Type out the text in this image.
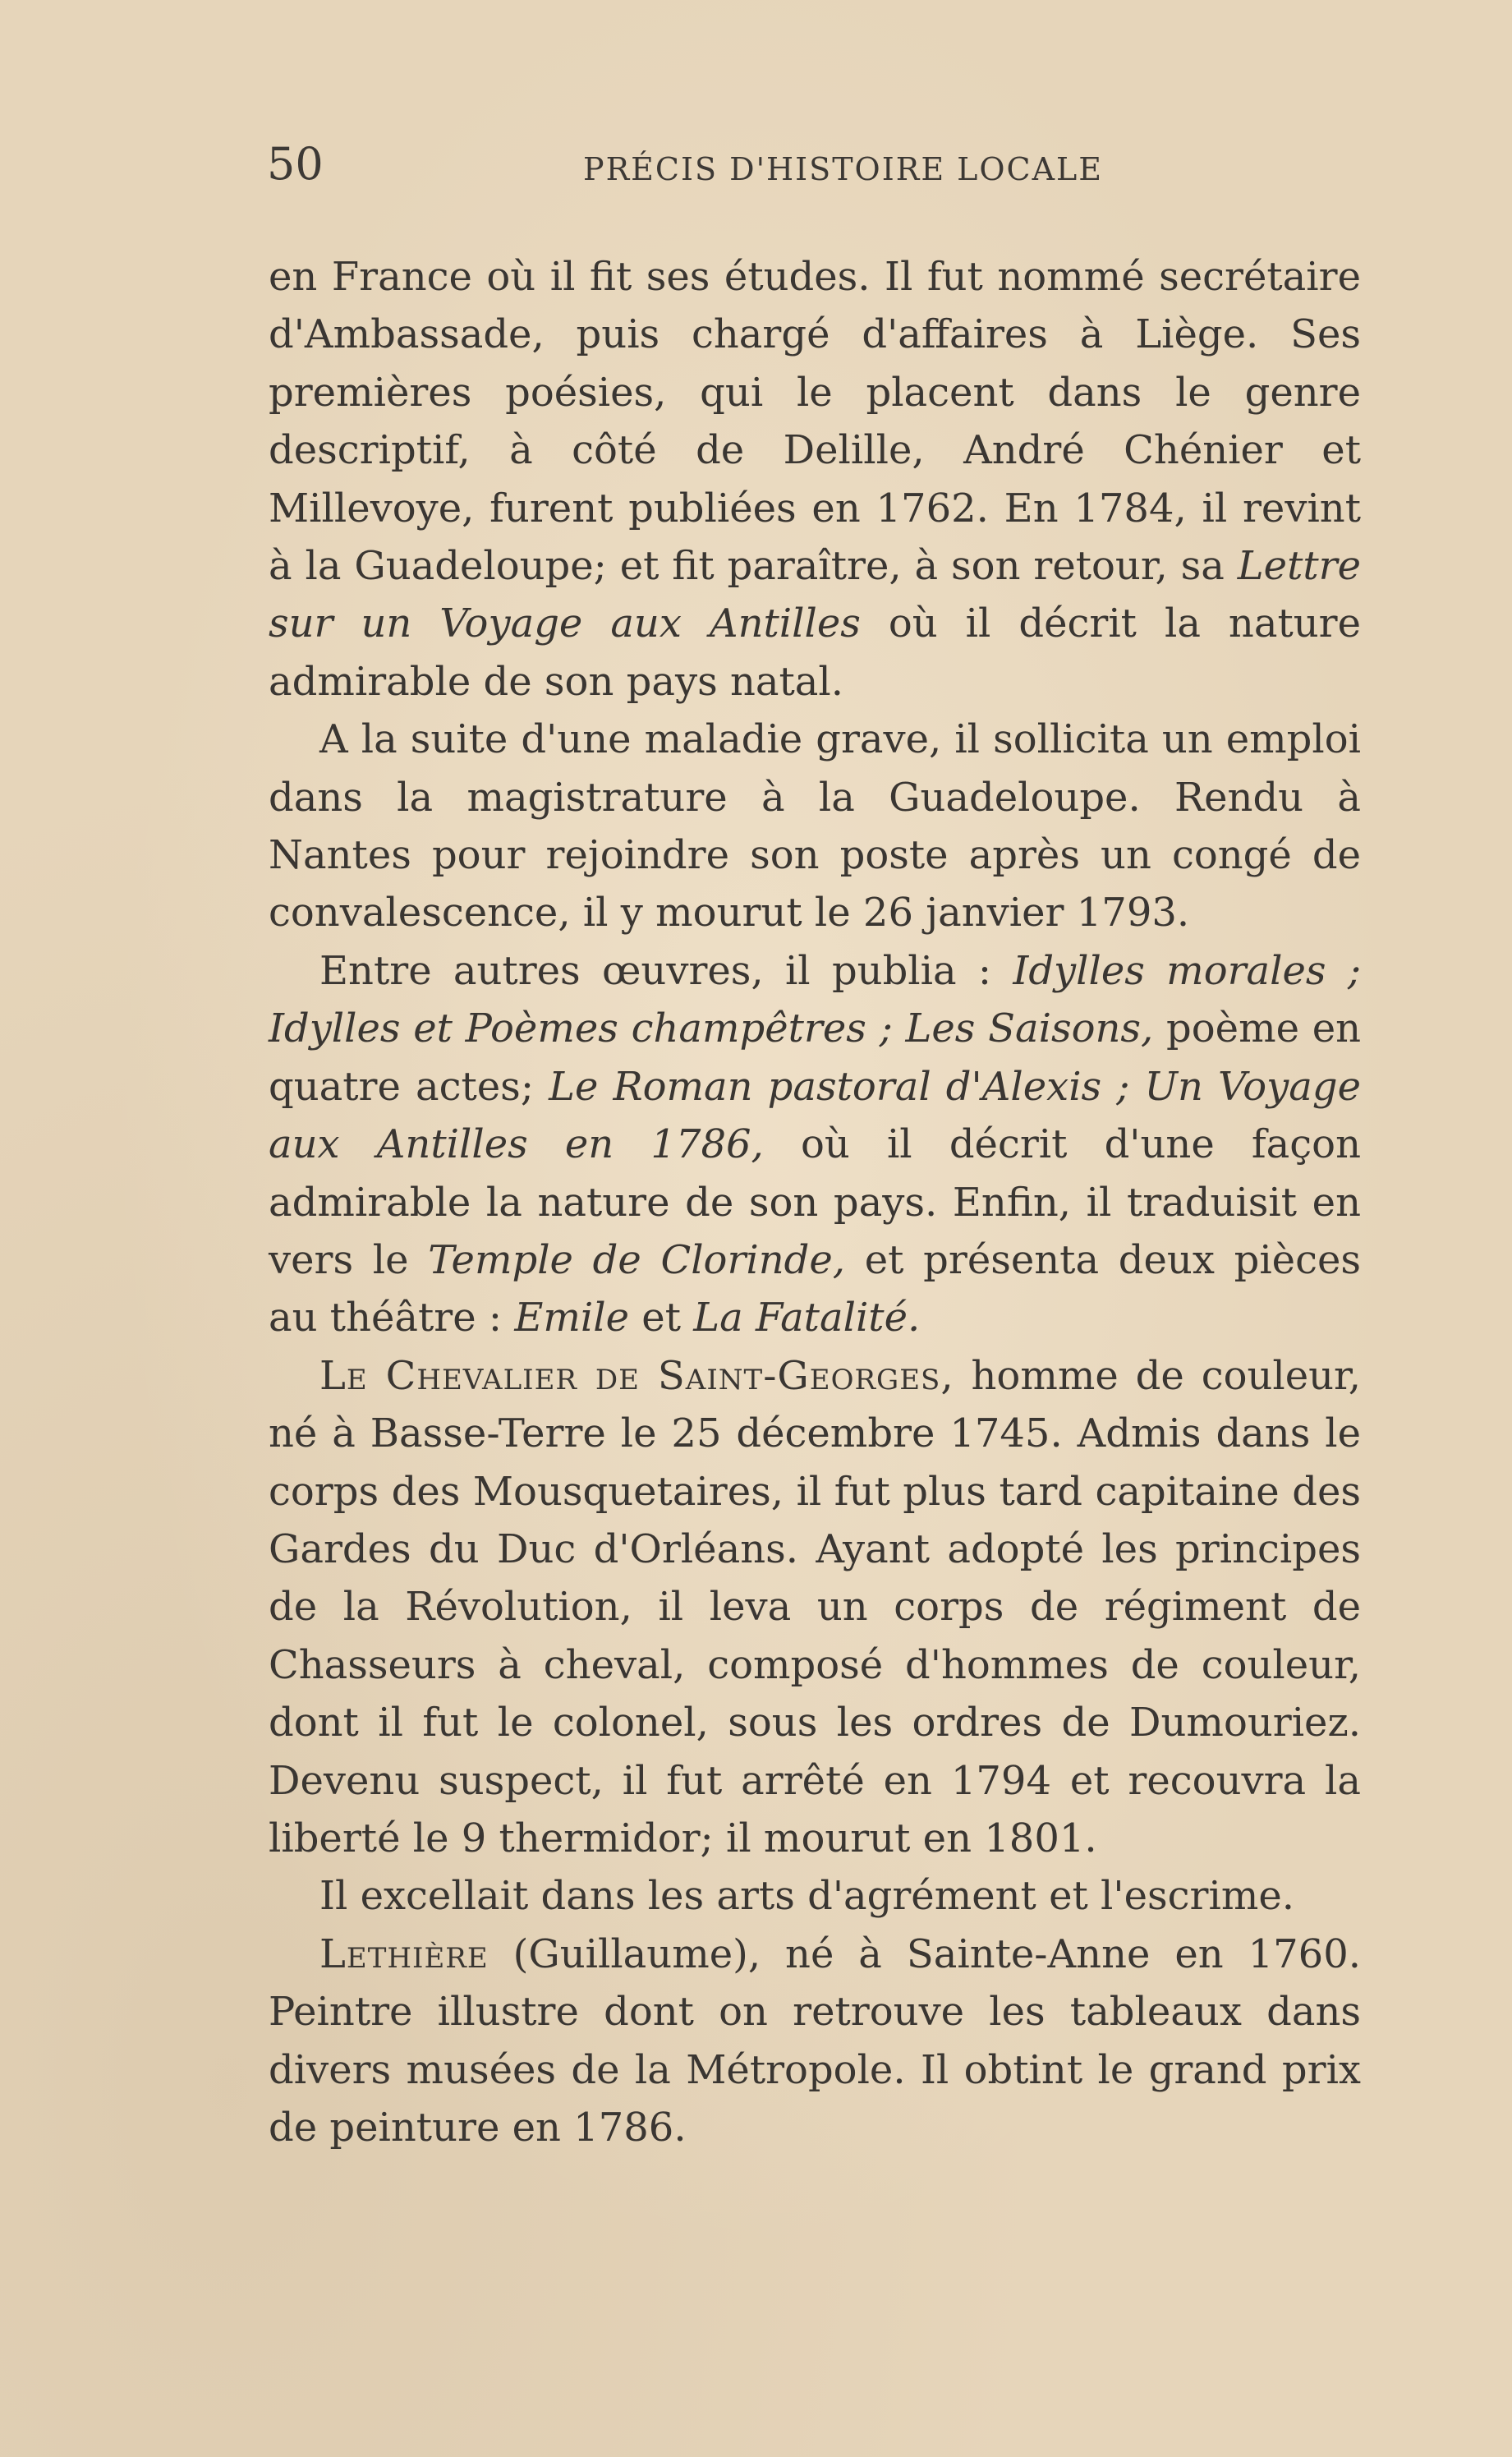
50	PRÉCIS D'HISTOIRE LOCALE

en France où il fit ses études. Il fut nommé secrétaire d'Ambassade, puis chargé d'affaires à Liège. Ses premières poésies, qui le placent dans le genre descriptif, à côté de Delille, André Chénier et Millevoye, furent publiées en 1762. En 1784, il revint à la Guadeloupe; et fit paraître, à son retour, sa Lettre sur un Voyage aux Antilles où il décrit la nature admirable de son pays natal.

A la suite d'une maladie grave, il sollicita un emploi dans la magistrature à la Guadeloupe. Rendu à Nantes pour rejoindre son poste après un congé de convalescence, il y mourut le 26 janvier 1793.

Entre autres œuvres, il publia : Idylles morales ; Idylles et Poèmes champêtres ; Les Saisons, poème en quatre actes; Le Roman pastoral d'Alexis ; Un Voyage aux Antilles en 1786, où il décrit d'une façon admirable la nature de son pays. Enfin, il traduisit en vers le Temple de Clorinde, et présenta deux pièces au théâtre : Emile et La Fatalité.

Le Chevalier de Saint-Georges, homme de couleur, né à Basse-Terre le 25 décembre 1745. Admis dans le corps des Mousquetaires, il fut plus tard capitaine des Gardes du Duc d'Orléans. Ayant adopté les principes de la Révolution, il leva un corps de régiment de Chasseurs à cheval, composé d'hommes de couleur, dont il fut le colonel, sous les ordres de Dumouriez. Devenu suspect, il fut arrêté en 1794 et recouvra la liberté le 9 thermidor; il mourut en 1801.

Il excellait dans les arts d'agrément et l'escrime.

Lethière (Guillaume), né à Sainte-Anne en 1760. Peintre illustre dont on retrouve les tableaux dans divers musées de la Métropole. Il obtint le grand prix de peinture en 1786.
